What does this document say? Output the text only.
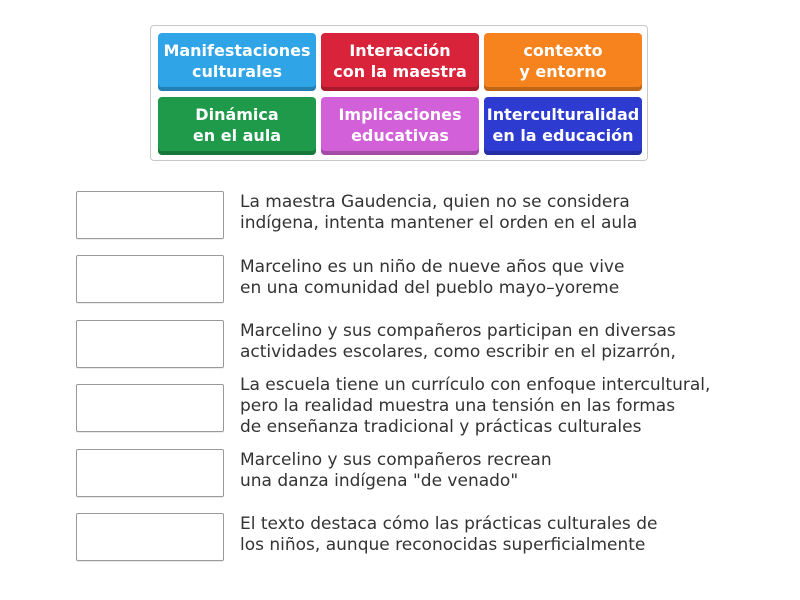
Manifestaciones
culturales
Interacción
con la maestra
contexto
y entorno
Dinámica
en el aula
Implicaciones
educativas
Interculturalidad
en la educación
La maestra Gaudencia, quien no se considera
indígena, intenta mantener el orden en el aula
Marcelino es un niño de nueve años que vive
en una comunidad del pueblo mayo–yoreme
Marcelino y sus compañeros participan en diversas
actividades escolares, como escribir en el pizarrón,
La escuela tiene un currículo con enfoque intercultural,
pero la realidad muestra una tensión en las formas
de enseñanza tradicional y prácticas culturales
Marcelino y sus compañeros recrean
una danza indígena "de venado"
El texto destaca cómo las prácticas culturales de
los niños, aunque reconocidas superficialmente
